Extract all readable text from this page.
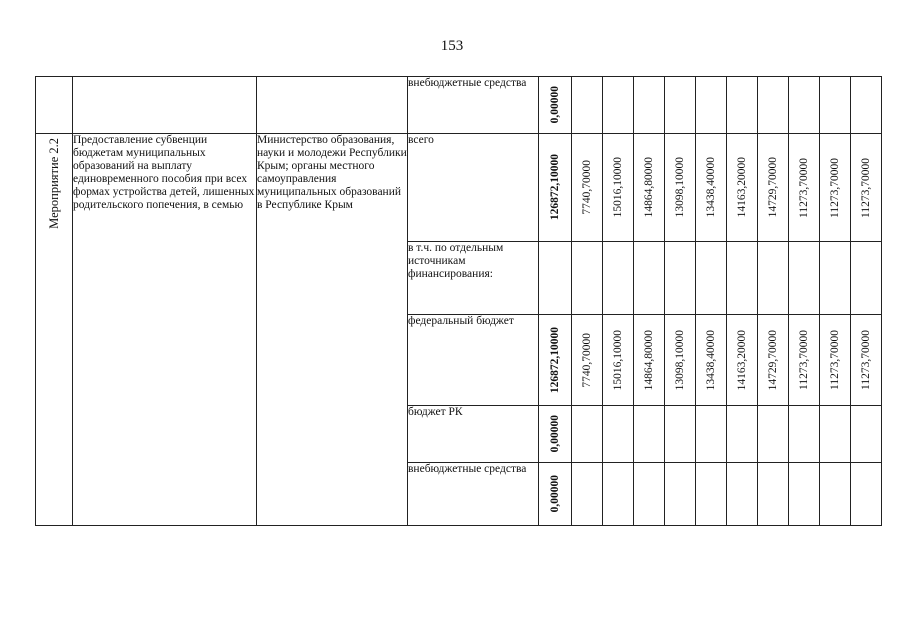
153
			внебюджетные средства	0,00000										

Мероприятие 2.2	Предоставление субвенции бюджетам муниципальных образований на выплату единовременного пособия при всех формах устройства детей, лишенных родительского попечения, в семью	Министерство образования, науки и молодежи Республики Крым; органы местного самоуправления муниципальных образований в Республике Крым	всего	126872,10000	7740,70000	15016,10000	14864,80000	13098,10000	13438,40000	14163,20000	14729,70000	11273,70000	11273,70000	11273,70000

			в т.ч. по отдельным источникам финансирования:	

			федеральный бюджет	126872,10000	7740,70000	15016,10000	14864,80000	13098,10000	13438,40000	14163,20000	14729,70000	11273,70000	11273,70000	11273,70000

			бюджет РК	0,00000										

			внебюджетные средства	0,00000										
